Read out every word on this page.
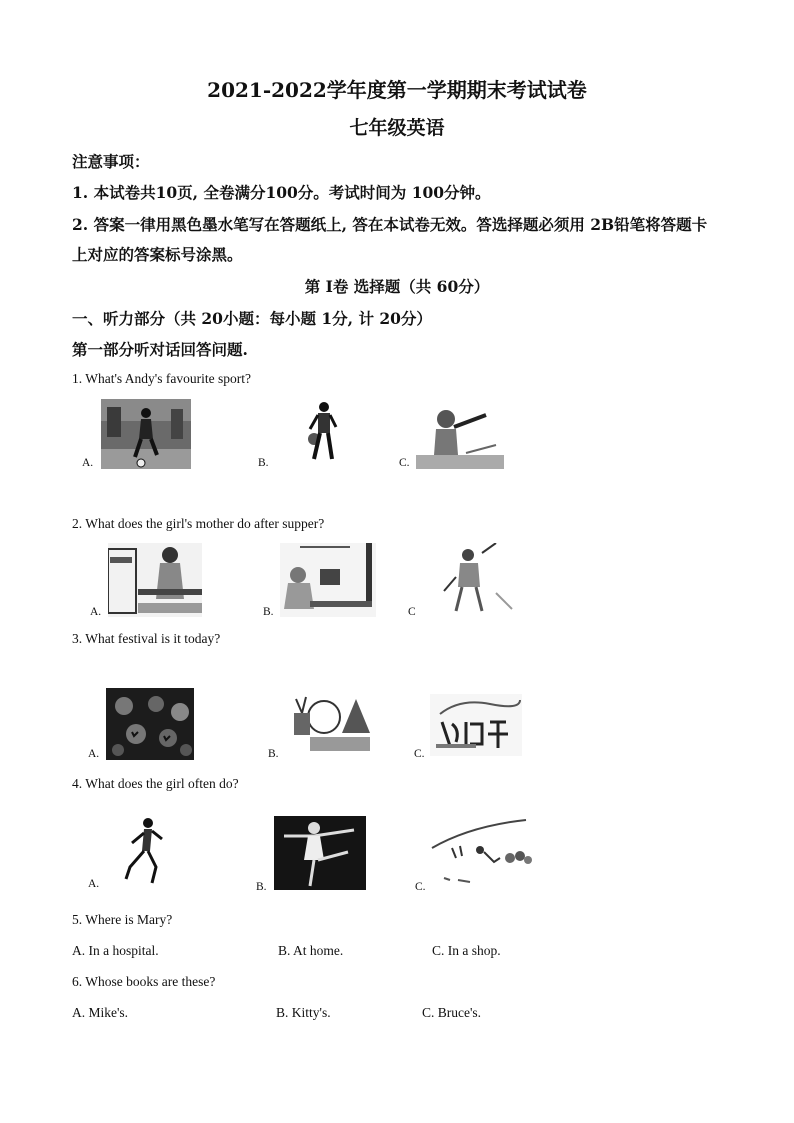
2021-2022学年度第一学期期末考试试卷
七年级英语
注意事项：
1. 本试卷共10页, 全卷满分100分。考试时间为 100分钟。
2. 答案一律用黑色墨水笔写在答题纸上, 答在本试卷无效。答选择题必须用 2B铅笔将答题卡
上对应的答案标号涂黑。
第 I卷 选择题（共 60分）
一、听力部分（共 20小题：每小题 1分, 计 20分）
第一部分听对话回答问题.
1. What's Andy's favourite sport?
A.	B.	C.
2. What does the girl's mother do after supper?
A.	B.	C
3. What festival is it today?
A.	B.	C.
4. What does the girl often do?
A.	B.	C.
5. Where is Mary?
A. In a hospital.	B. At home.	C. In a shop.
6. Whose books are these?
A. Mike's.	B. Kitty's.	C. Bruce's.
